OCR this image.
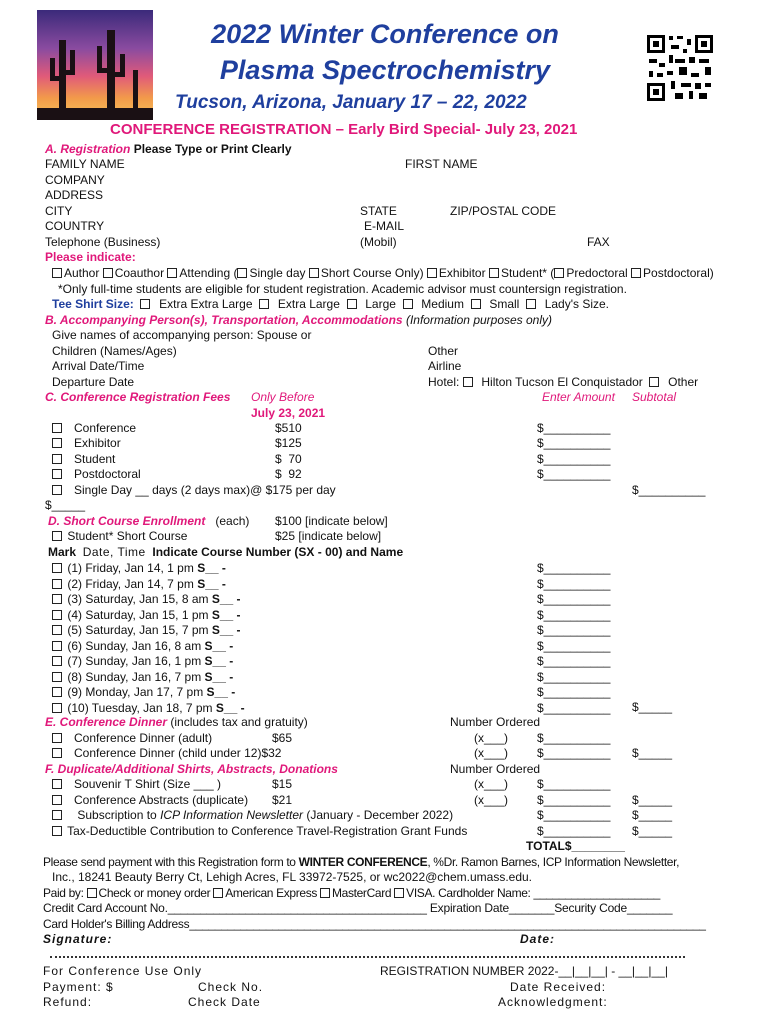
2022 Winter Conference on
Plasma Spectrochemistry
Tucson, Arizona, January 17 – 22, 2022
CONFERENCE REGISTRATION – Early Bird Special- July 23, 2021
A. Registration Please Type or Print Clearly
FAMILY NAME	FIRST NAME
COMPANY
ADDRESS
CITY	STATE	ZIP/POSTAL CODE
COUNTRY	E-MAIL
Telephone (Business)	(Mobil)	FAX
Please indicate:
Author Coauthor Attending ( Single day Short Course Only) Exhibitor Student* ( Predoctoral Postdoctoral)
*Only full-time students are eligible for student registration. Academic advisor must countersign registration.
Tee Shirt Size: Extra Extra Large Extra Large Large Medium Small Lady's Size.
B. Accompanying Person(s), Transportation, Accommodations (Information purposes only)
Give names of accompanying person: Spouse or
Children (Names/Ages)	Other
Arrival Date/Time	Airline
Departure Date	Hotel: Hilton Tucson El Conquistador Other
C. Conference Registration Fees Only Before	Enter Amount Subtotal
July 23, 2021
Conference	$510	$__________
Exhibitor	$125	$__________
Student	$  70	$__________
Postdoctoral	$  92	$__________
Single Day __ days (2 days max)@ $175 per day	$__________
$_____
D. Short Course Enrollment (each) $100 [indicate below]
Student* Short Course	$25 [indicate below]
Mark Date, Time Indicate Course Number (SX - 00) and Name
(1) Friday, Jan 14, 1 pm S__ -	$__________
(2) Friday, Jan 14, 7 pm S__ -	$__________
(3) Saturday, Jan 15, 8 am S__ -	$__________
(4) Saturday, Jan 15, 1 pm S__ -	$__________
(5) Saturday, Jan 15, 7 pm S__ -	$__________
(6) Sunday, Jan 16, 8 am S__ -	$__________
(7) Sunday, Jan 16, 1 pm S__ -	$__________
(8) Sunday, Jan 16, 7 pm S__ -	$__________
(9) Monday, Jan 17, 7 pm S__ -	$__________
(10) Tuesday, Jan 18, 7 pm S__ -	$__________ $_____
E. Conference Dinner (includes tax and gratuity)	Number Ordered
Conference Dinner (adult)	$65	(x___) $__________
Conference Dinner (child under 12)$32	(x___) $__________ $_____
F. Duplicate/Additional Shirts, Abstracts, Donations	Number Ordered
Souvenir T Shirt (Size ___ )	$15	(x___) $__________
Conference Abstracts (duplicate) $21	(x___) $__________ $_____
Subscription to ICP Information Newsletter (January - December 2022)	$__________ $_____
Tax-Deductible Contribution to Conference Travel-Registration Grant Funds	$__________ $_____
TOTAL$________
Please send payment with this Registration form to WINTER CONFERENCE, %Dr. Ramon Barnes, ICP Information Newsletter,
Inc., 18241 Beauty Berry Ct, Lehigh Acres, FL 33972-7525, or wc2022@chem.umass.edu.
Paid by: Check or money order American Express MasterCard VISA. Cardholder Name: ____________________
Credit Card Account No.________________________________________ Expiration Date_______Security Code_______
Card Holder's Billing Address_________________________________________________________________________________
Signature:	Date:
For Conference Use Only	REGISTRATION NUMBER 2022-__|__|__| - __|__|__|
Payment: $	Check No.	Date Received:
Refund:	Check Date	Acknowledgment:
